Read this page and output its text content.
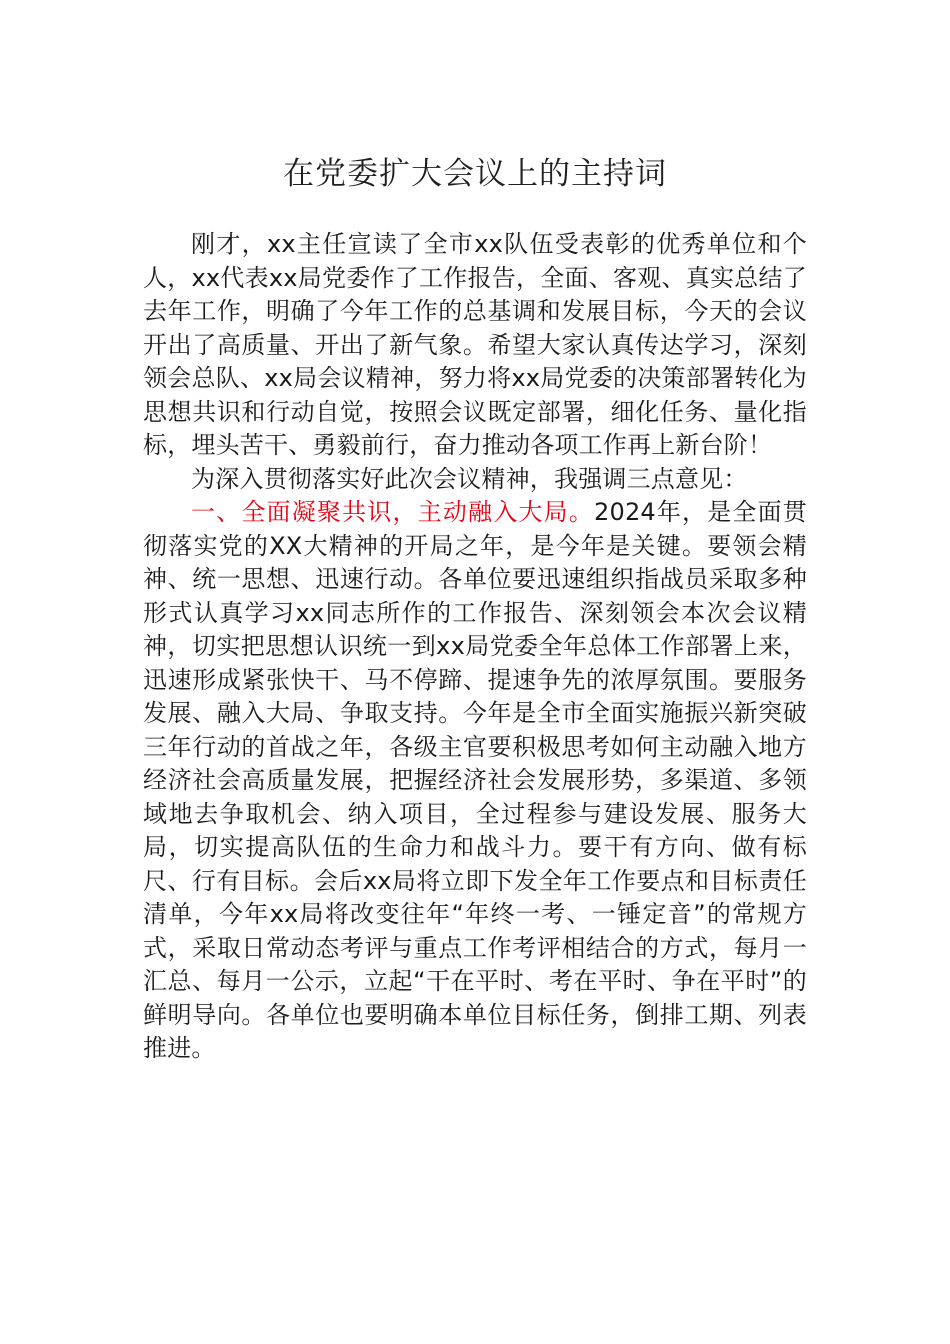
在党委扩大会议上的主持词

刚才，xx主任宣读了全市xx队伍受表彰的优秀单位和个人，xx代表xx局党委作了工作报告，全面、客观、真实总结了去年工作，明确了今年工作的总基调和发展目标，今天的会议开出了高质量、开出了新气象。希望大家认真传达学习，深刻领会总队、xx局会议精神，努力将xx局党委的决策部署转化为思想共识和行动自觉，按照会议既定部署，细化任务、量化指标，埋头苦干、勇毅前行，奋力推动各项工作再上新台阶！

为深入贯彻落实好此次会议精神，我强调三点意见：

一、全面凝聚共识，主动融入大局。2024年，是全面贯彻落实党的XX大精神的开局之年，是今年是关键。要领会精神、统一思想、迅速行动。各单位要迅速组织指战员采取多种形式认真学习xx同志所作的工作报告、深刻领会本次会议精神，切实把思想认识统一到xx局党委全年总体工作部署上来，迅速形成紧张快干、马不停蹄、提速争先的浓厚氛围。要服务发展、融入大局、争取支持。今年是全市全面实施振兴新突破三年行动的首战之年，各级主官要积极思考如何主动融入地方经济社会高质量发展，把握经济社会发展形势，多渠道、多领域地去争取机会、纳入项目，全过程参与建设发展、服务大局，切实提高队伍的生命力和战斗力。要干有方向、做有标尺、行有目标。会后xx局将立即下发全年工作要点和目标责任清单，今年xx局将改变往年“年终一考、一锤定音”的常规方式，采取日常动态考评与重点工作考评相结合的方式，每月一汇总、每月一公示，立起“干在平时、考在平时、争在平时”的鲜明导向。各单位也要明确本单位目标任务，倒排工期、列表推进。
